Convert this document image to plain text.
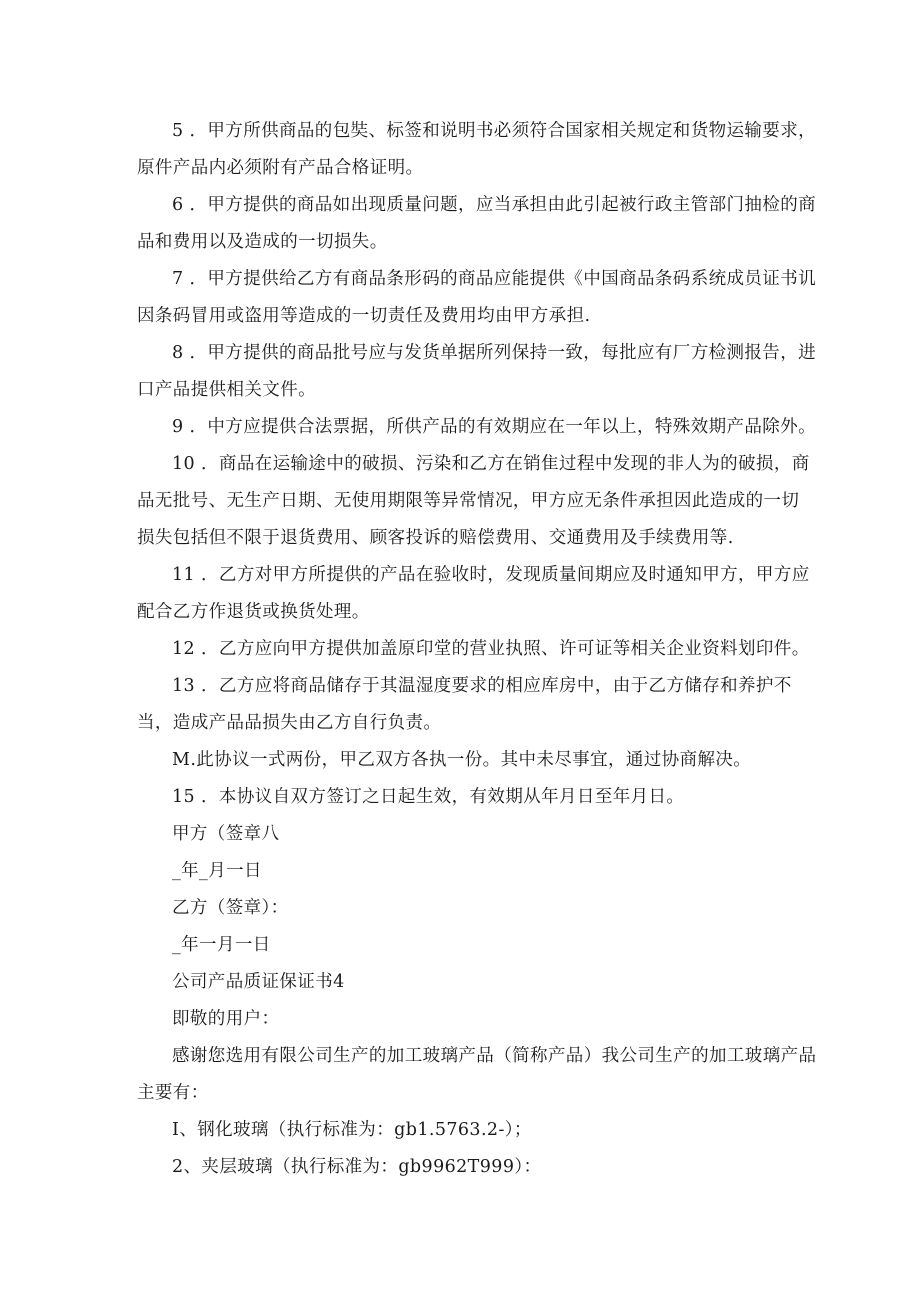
5 ．甲方所供商品的包奘、标签和说明书必须符合国家相关规定和货物运输要求，
原件产品内必须附有产品合格证明。
6 ．甲方提供的商品如出现质量问题，应当承担由此引起被行政主管部门抽检的商
品和费用以及造成的一切损失。
7 ．甲方提供给乙方有商品条形码的商品应能提供《中国商品条码系统成员证书讥
因条码冒用或盗用等造成的一切责任及费用均由甲方承担.
8 ．甲方提供的商品批号应与发货单据所列保持一致，每批应有厂方检测报告，进
口产品提供相关文件。
9 ．中方应提供合法票据，所供产品的有效期应在一年以上，特殊效期产品除外。
10 ．商品在运输途中的破损、污染和乙方在销隹过程中发现的非人为的破损，商
品无批号、无生产日期、无使用期限等异常情况，甲方应无条件承担因此造成的一切
损失包括但不限于退货费用、顾客投诉的赔偿费用、交通费用及手续费用等.
11 ．乙方对甲方所提供的产品在验收时，发现质量间期应及时通知甲方，甲方应
配合乙方作退货或换货处理。
12 ．乙方应向甲方提供加盖原印堂的营业执照、许可证等相关企业资料划印件。
13 ．乙方应将商品储存于其温湿度要求的相应库房中，由于乙方储存和养护不
当，造成产品品损失由乙方自行负责。
M.此协议一式两份，甲乙双方各执一份。其中未尽事宜，通过协商解决。
15 ．本协议自双方签订之日起生效，有效期从年月日至年月日。
甲方（签章八
_年_月一日
乙方（签章）：
_年一月一日
公司产品质证保证书4
即敬的用户：
感谢您选用有限公司生产的加工玻璃产品（简称产品）我公司生产的加工玻璃产品
主要有：
I、钢化玻璃（执行标准为：gb1.5763.2-）；
2、夹层玻璃（执行标准为：gb9962T999）：
